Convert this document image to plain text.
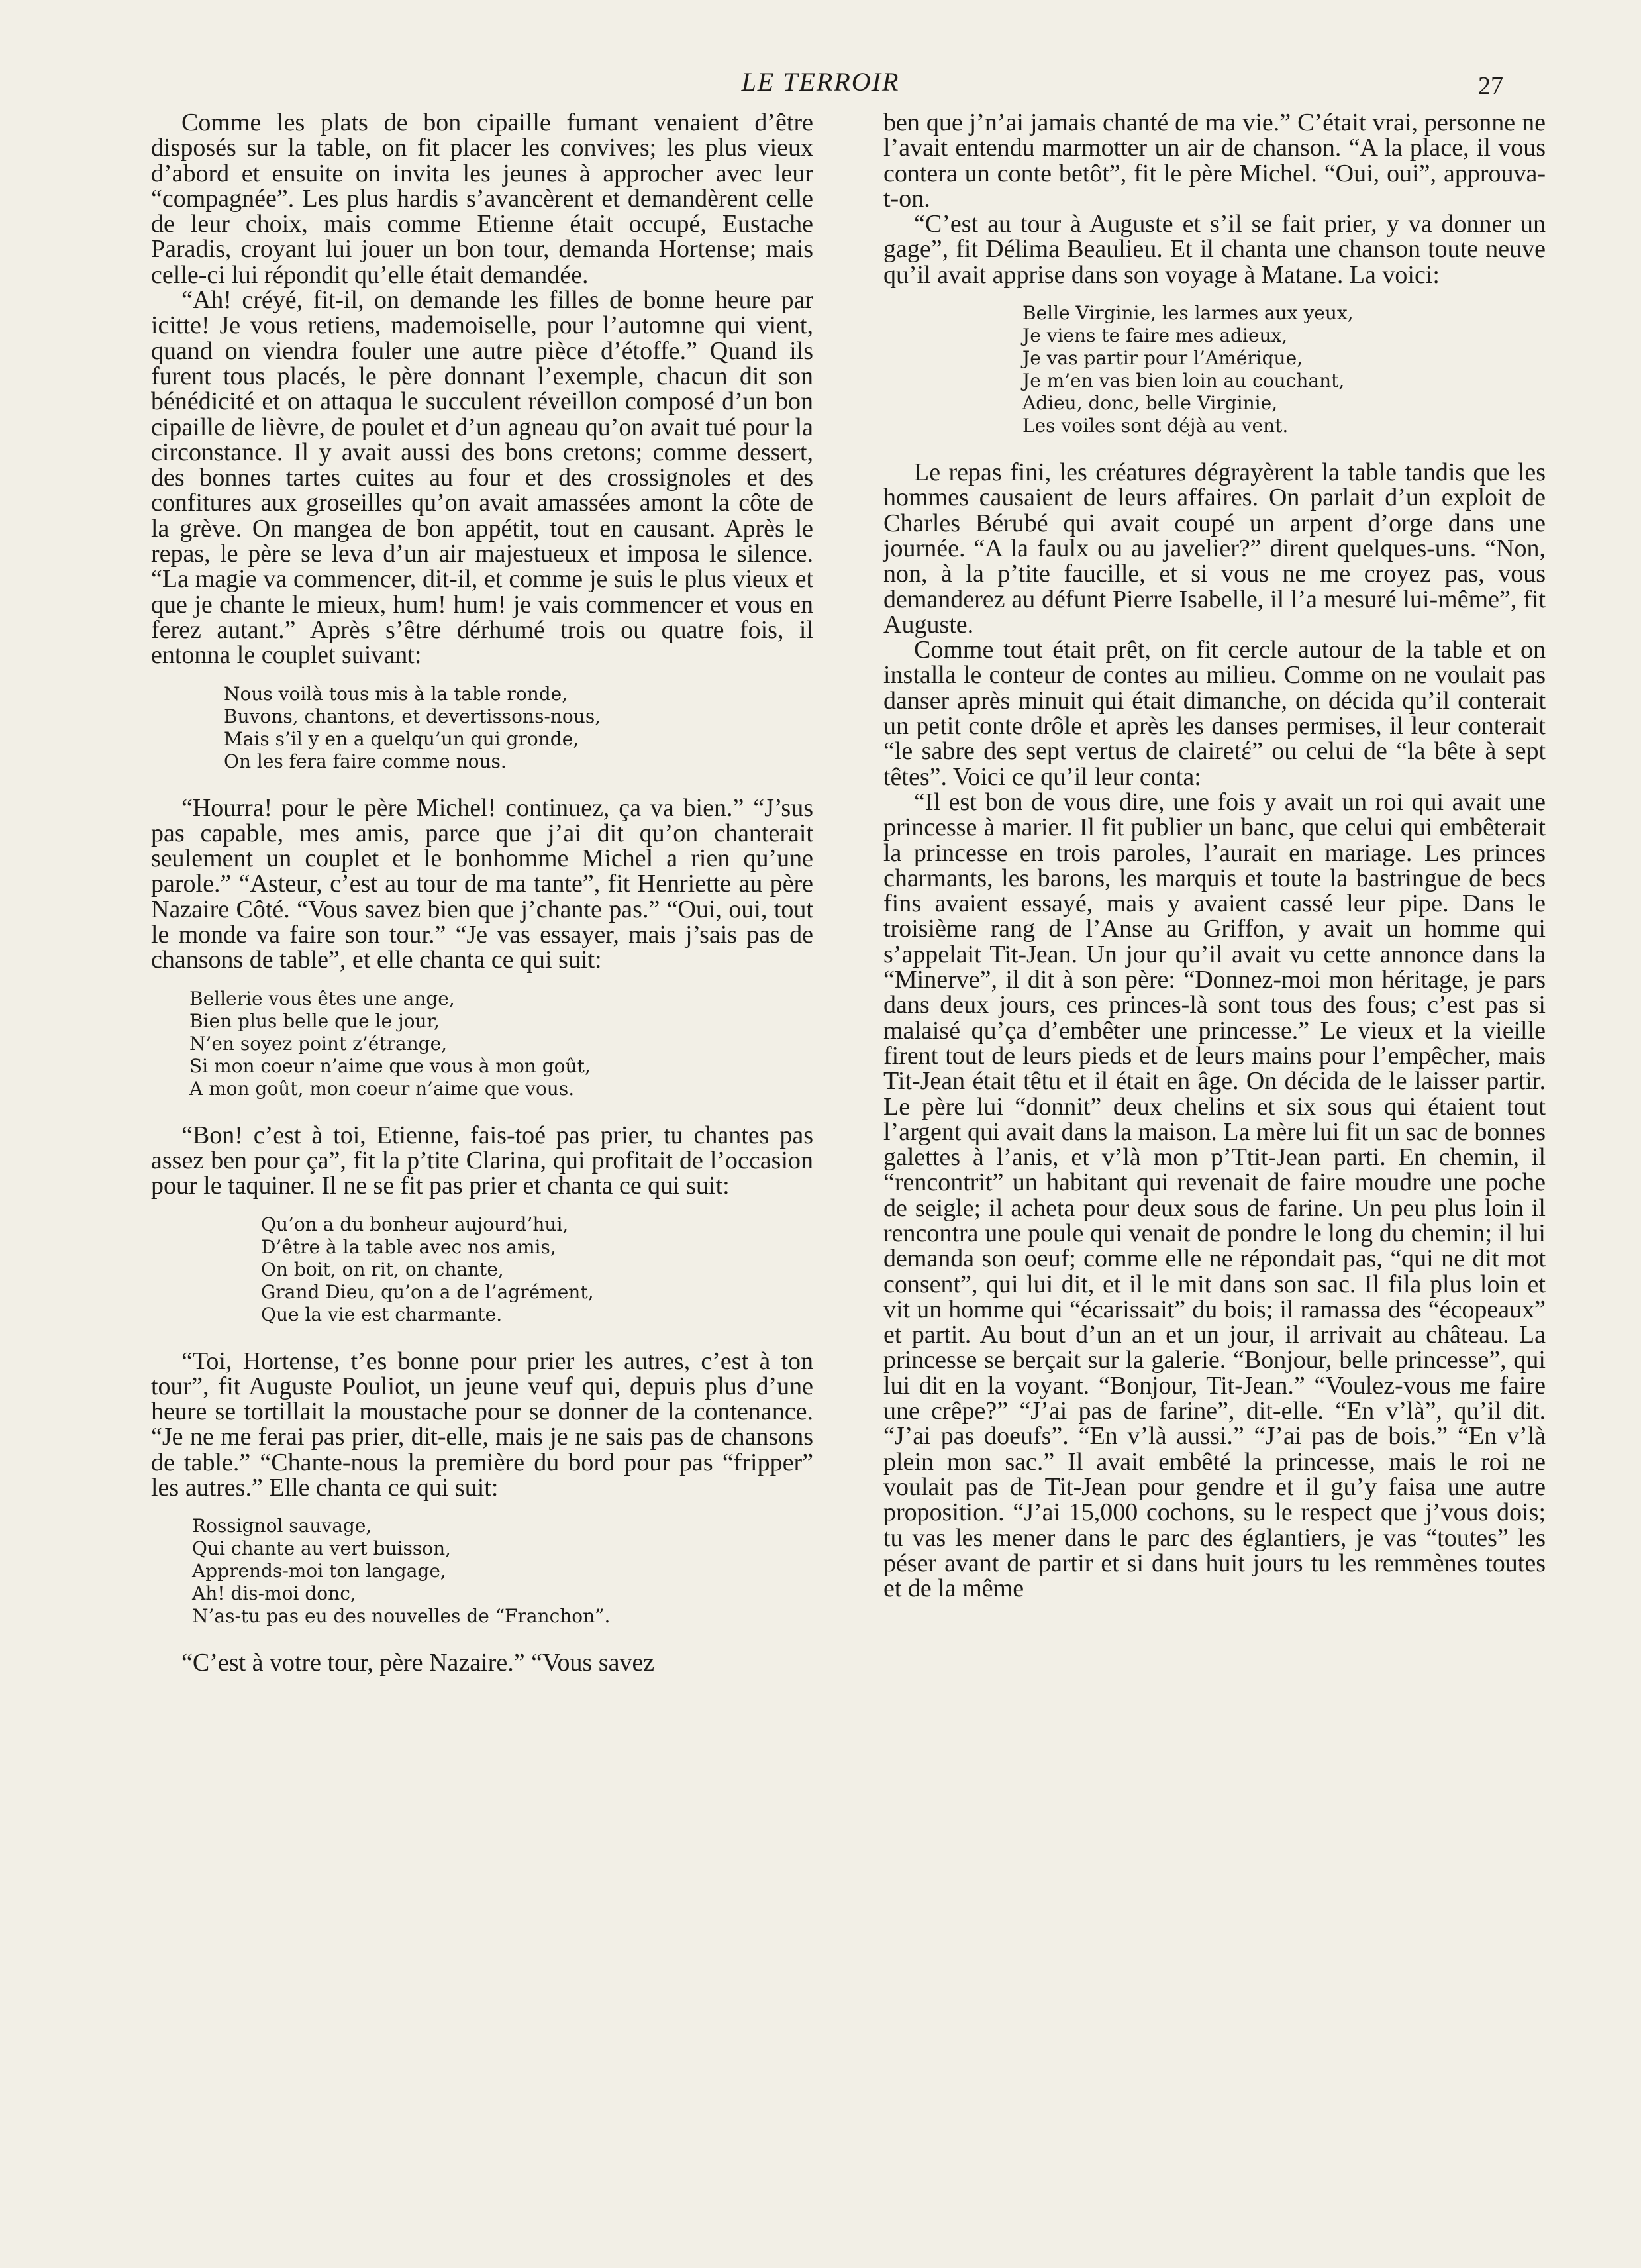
LE TERROIR	27

Comme les plats de bon cipaille fumant venaient d’être disposés sur la table, on fit placer les convives; les plus vieux d’abord et ensuite on invita les jeunes à approcher avec leur “compagnée”. Les plus hardis s’avancèrent et demandèrent celle de leur choix, mais comme Etienne était occupé, Eustache Paradis, croyant lui jouer un bon tour, demanda Hortense; mais celle-ci lui répondit qu’elle était demandée.

“Ah! créyé, fit-il, on demande les filles de bonne heure par icitte! Je vous retiens, mademoiselle, pour l’automne qui vient, quand on viendra fouler une autre pièce d’étoffe.” Quand ils furent tous placés, le père donnant l’exemple, chacun dit son bénédicité et on attaqua le succulent réveillon composé d’un bon cipaille de lièvre, de poulet et d’un agneau qu’on avait tué pour la circonstance. Il y avait aussi des bons cretons; comme dessert, des bonnes tartes cuites au four et des crossignoles et des confitures aux groseilles qu’on avait amassées amont la côte de la grève. On mangea de bon appétit, tout en causant. Après le repas, le père se leva d’un air majestueux et imposa le silence. “La magie va commencer, dit-il, et comme je suis le plus vieux et que je chante le mieux, hum! hum! je vais commencer et vous en ferez autant.” Après s’être dérhumé trois ou quatre fois, il entonna le couplet suivant:

Nous voilà tous mis à la table ronde,
Buvons, chantons, et devertissons-nous,
Mais s’il y en a quelqu’un qui gronde,
On les fera faire comme nous.

“Hourra! pour le père Michel! continuez, ça va bien.” “J’sus pas capable, mes amis, parce que j’ai dit qu’on chanterait seulement un couplet et le bonhomme Michel a rien qu’une parole.” “Asteur, c’est au tour de ma tante”, fit Henriette au père Nazaire Côté. “Vous savez bien que j’chante pas.” “Oui, oui, tout le monde va faire son tour.” “Je vas essayer, mais j’sais pas de chansons de table”, et elle chanta ce qui suit:

Bellerie vous êtes une ange,
Bien plus belle que le jour,
N’en soyez point z’étrange,
Si mon coeur n’aime que vous à mon goût,
A mon goût, mon coeur n’aime que vous.

“Bon! c’est à toi, Etienne, fais-toé pas prier, tu chantes pas assez ben pour ça”, fit la p’tite Clarina, qui profitait de l’occasion pour le taquiner. Il ne se fit pas prier et chanta ce qui suit:

Qu’on a du bonheur aujourd’hui,
D’être à la table avec nos amis,
On boit, on rit, on chante,
Grand Dieu, qu’on a de l’agrément,
Que la vie est charmante.

“Toi, Hortense, t’es bonne pour prier les autres, c’est à ton tour”, fit Auguste Pouliot, un jeune veuf qui, depuis plus d’une heure se tortillait la moustache pour se donner de la contenance. “Je ne me ferai pas prier, dit-elle, mais je ne sais pas de chansons de table.” “Chante-nous la première du bord pour pas “fripper” les autres.” Elle chanta ce qui suit:

Rossignol sauvage,
Qui chante au vert buisson,
Apprends-moi ton langage,
Ah! dis-moi donc,
N’as-tu pas eu des nouvelles de “Franchon”.

“C’est à votre tour, père Nazaire.” “Vous savez

ben que j’n’ai jamais chanté de ma vie.” C’était vrai, personne ne l’avait entendu marmotter un air de chanson. “A la place, il vous contera un conte betôt”, fit le père Michel. “Oui, oui”, approuva-t-on.

“C’est au tour à Auguste et s’il se fait prier, y va donner un gage”, fit Délima Beaulieu. Et il chanta une chanson toute neuve qu’il avait apprise dans son voyage à Matane. La voici:

Belle Virginie, les larmes aux yeux,
Je viens te faire mes adieux,
Je vas partir pour l’Amérique,
Je m’en vas bien loin au couchant,
Adieu, donc, belle Virginie,
Les voiles sont déjà au vent.

Le repas fini, les créatures dégrayèrent la table tandis que les hommes causaient de leurs affaires. On parlait d’un exploit de Charles Bérubé qui avait coupé un arpent d’orge dans une journée. “A la faulx ou au javelier?” dirent quelques-uns. “Non, non, à la p’tite faucille, et si vous ne me croyez pas, vous demanderez au défunt Pierre Isabelle, il l’a mesuré lui-même”, fit Auguste.

Comme tout était prêt, on fit cercle autour de la table et on installa le conteur de contes au milieu. Comme on ne voulait pas danser après minuit qui était dimanche, on décida qu’il conterait un petit conte drôle et après les danses permises, il leur conterait “le sabre des sept vertus de clairetέ” ou celui de “la bête à sept têtes”. Voici ce qu’il leur conta:

“Il est bon de vous dire, une fois y avait un roi qui avait une princesse à marier. Il fit publier un banc, que celui qui embêterait la princesse en trois paroles, l’aurait en mariage. Les princes charmants, les barons, les marquis et toute la bastringue de becs fins avaient essayé, mais y avaient cassé leur pipe. Dans le troisième rang de l’Anse au Griffon, y avait un homme qui s’appelait Tit-Jean. Un jour qu’il avait vu cette annonce dans la “Minerve”, il dit à son père: “Donnez-moi mon héritage, je pars dans deux jours, ces princes-là sont tous des fous; c’est pas si malaisé qu’ça d’embêter une princesse.” Le vieux et la vieille firent tout de leurs pieds et de leurs mains pour l’empêcher, mais Tit-Jean était têtu et il était en âge. On décida de le laisser partir. Le père lui “donnit” deux chelins et six sous qui étaient tout l’argent qui avait dans la maison. La mère lui fit un sac de bonnes galettes à l’anis, et v’là mon p’Ttit-Jean parti. En chemin, il “rencontrit” un habitant qui revenait de faire moudre une poche de seigle; il acheta pour deux sous de farine. Un peu plus loin il rencontra une poule qui venait de pondre le long du chemin; il lui demanda son oeuf; comme elle ne répondait pas, “qui ne dit mot consent”, qui lui dit, et il le mit dans son sac. Il fila plus loin et vit un homme qui “écarissait” du bois; il ramassa des “écopeaux” et partit. Au bout d’un an et un jour, il arrivait au château. La princesse se berçait sur la galerie. “Bonjour, belle princesse”, qui lui dit en la voyant. “Bonjour, Tit-Jean.” “Voulez-vous me faire une crêpe?” “J’ai pas de farine”, dit-elle. “En v’là”, qu’il dit. “J’ai pas doeufs”. “En v’là aussi.” “J’ai pas de bois.” “En v’là plein mon sac.” Il avait embêté la princesse, mais le roi ne voulait pas de Tit-Jean pour gendre et il gu’y faisa une autre proposition. “J’ai 15,000 cochons, su le respect que j’vous dois; tu vas les mener dans le parc des églantiers, je vas “toutes” les péser avant de partir et si dans huit jours tu les remmènes toutes et de la même
